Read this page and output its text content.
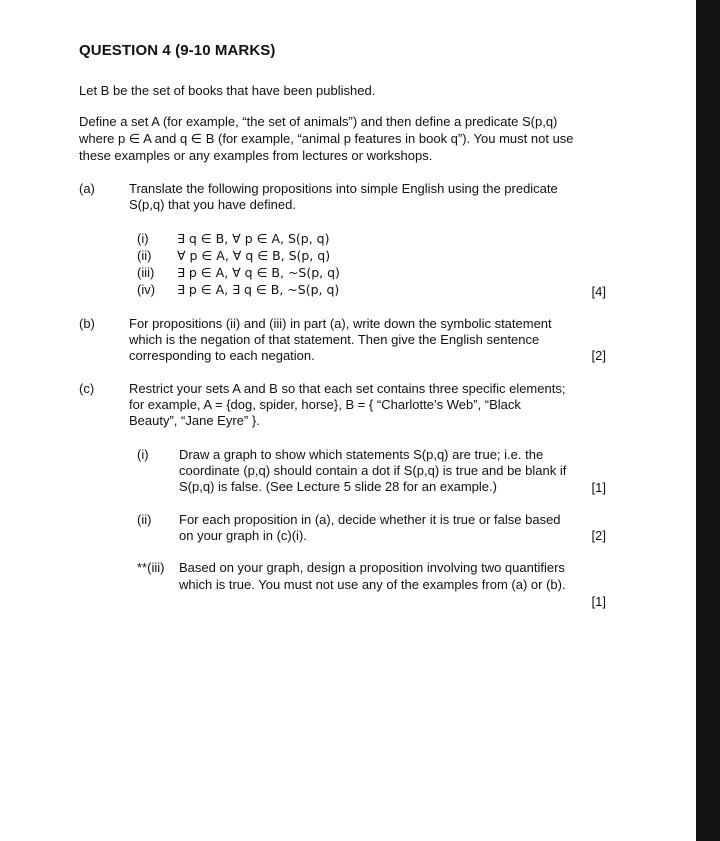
QUESTION 4 (9-10 MARKS)
Let B be the set of books that have been published.
Define a set A (for example, “the set of animals”) and then define a predicate S(p,q)
where p ∈ A and q ∈ B (for example, “animal p features in book q”). You must not use
these examples or any examples from lectures or workshops.
(a)	Translate the following propositions into simple English using the predicate
S(p,q) that you have defined.
(i) ∃ q ∈ B, ∀ p ∈ A, S(p, q)
(ii) ∀ p ∈ A, ∀ q ∈ B, S(p, q)
(iii) ∃ p ∈ A, ∀ q ∈ B, ~S(p, q)
(iv) ∃ p ∈ A, ∃ q ∈ B, ~S(p, q)	[4]
(b)	For propositions (ii) and (iii) in part (a), write down the symbolic statement
which is the negation of that statement. Then give the English sentence
corresponding to each negation.	[2]
(c)	Restrict your sets A and B so that each set contains three specific elements;
for example, A = {dog, spider, horse}, B = { “Charlotte’s Web”, “Black
Beauty”, “Jane Eyre” }.
(i) Draw a graph to show which statements S(p,q) are true; i.e. the
coordinate (p,q) should contain a dot if S(p,q) is true and be blank if
S(p,q) is false. (See Lecture 5 slide 28 for an example.)	[1]
(ii) For each proposition in (a), decide whether it is true or false based
on your graph in (c)(i).	[2]
**(iii) Based on your graph, design a proposition involving two quantifiers
which is true. You must not use any of the examples from (a) or (b).
[1]
